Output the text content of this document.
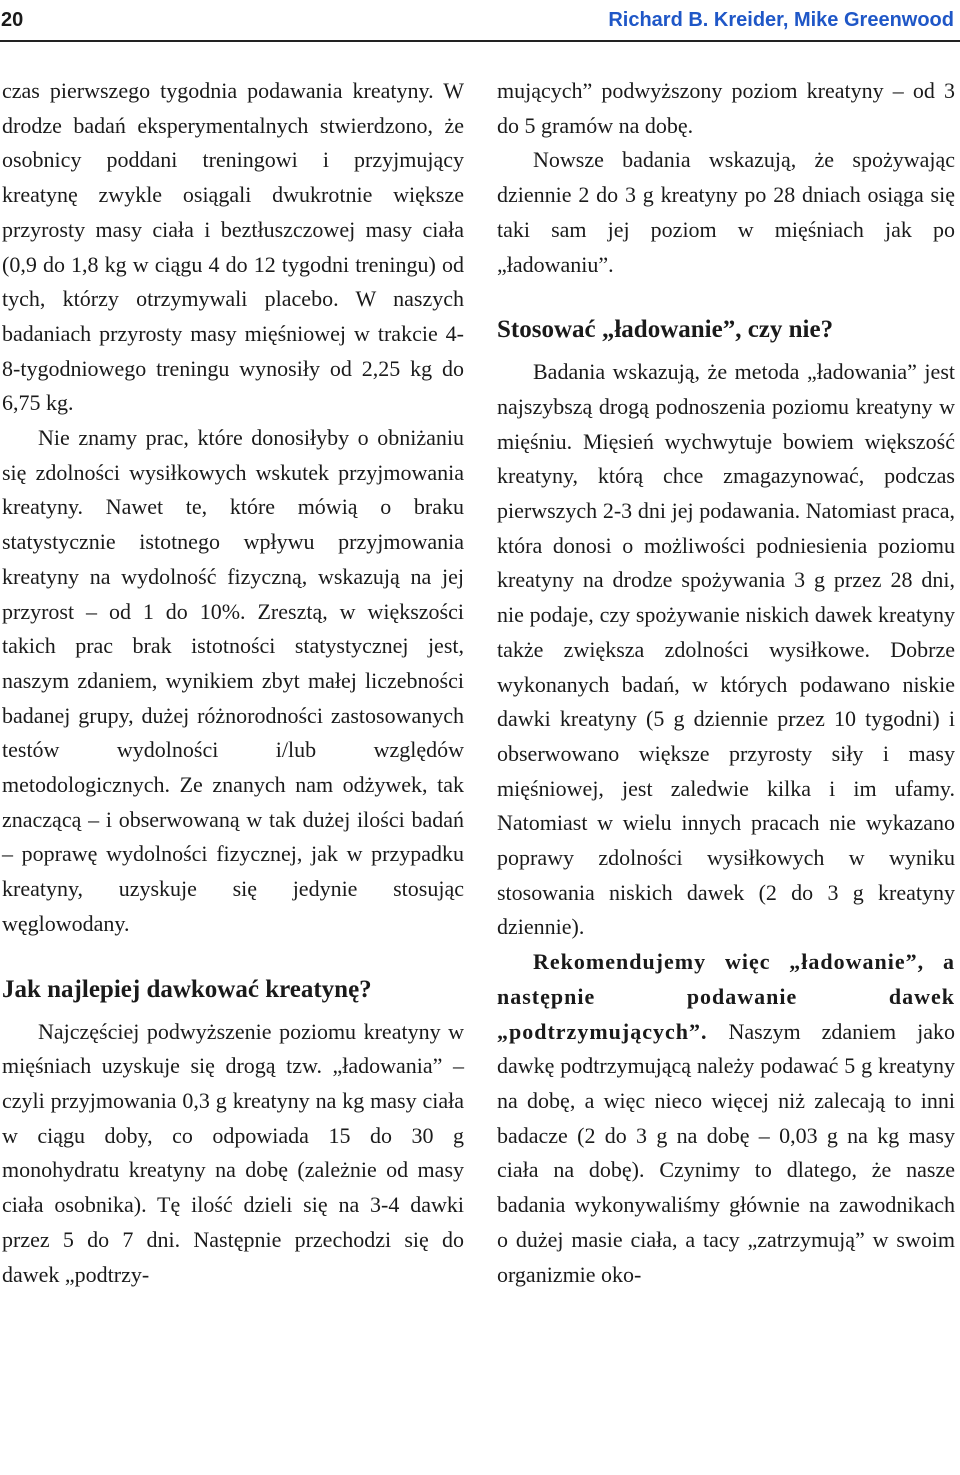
20	Richard B. Kreider, Mike Greenwood

czas pierwszego tygodnia podawania kreatyny. W drodze badań eksperymentalnych stwierdzono, że osobnicy poddani treningowi i przyjmujący kreatynę zwykle osiągali dwukrotnie większe przyrosty masy ciała i beztłuszczowej masy ciała (0,9 do 1,8 kg w ciągu 4 do 12 tygodni treningu) od tych, którzy otrzymywali placebo. W naszych badaniach przyrosty masy mięśniowej w trakcie 4-8-tygodniowego treningu wynosiły od 2,25 kg do 6,75 kg.

Nie znamy prac, które donosiłyby o obniżaniu się zdolności wysiłkowych wskutek przyjmowania kreatyny. Nawet te, które mówią o braku statystycznie istotnego wpływu przyjmowania kreatyny na wydolność fizyczną, wskazują na jej przyrost – od 1 do 10%. Zresztą, w większości takich prac brak istotności statystycznej jest, naszym zdaniem, wynikiem zbyt małej liczebności badanej grupy, dużej różnorodności zastosowanych testów wydolności i/lub względów metodologicznych. Ze znanych nam odżywek, tak znaczącą – i obserwowaną w tak dużej ilości badań – poprawę wydolności fizycznej, jak w przypadku kreatyny, uzyskuje się jedynie stosując węglowodany.

Jak najlepiej dawkować kreatynę?

Najczęściej podwyższenie poziomu kreatyny w mięśniach uzyskuje się drogą tzw. „ładowania” – czyli przyjmowania 0,3 g kreatyny na kg masy ciała w ciągu doby, co odpowiada 15 do 30 g monohydratu kreatyny na dobę (zależnie od masy ciała osobnika). Tę ilość dzieli się na 3-4 dawki przez 5 do 7 dni. Następnie przechodzi się do dawek „podtrzy-

mujących” podwyższony poziom kreatyny – od 3 do 5 gramów na dobę.

Nowsze badania wskazują, że spożywając dziennie 2 do 3 g kreatyny po 28 dniach osiąga się taki sam jej poziom w mięśniach jak po „ładowaniu”.

Stosować „ładowanie”, czy nie?

Badania wskazują, że metoda „ładowania” jest najszybszą drogą podnoszenia poziomu kreatyny w mięśniu. Mięsień wychwytuje bowiem większość kreatyny, którą chce zmagazynować, podczas pierwszych 2-3 dni jej podawania. Natomiast praca, która donosi o możliwości podniesienia poziomu kreatyny na drodze spożywania 3 g przez 28 dni, nie podaje, czy spożywanie niskich dawek kreatyny także zwiększa zdolności wysiłkowe. Dobrze wykonanych badań, w których podawano niskie dawki kreatyny (5 g dziennie przez 10 tygodni) i obserwowano większe przyrosty siły i masy mięśniowej, jest zaledwie kilka i im ufamy. Natomiast w wielu innych pracach nie wykazano poprawy zdolności wysiłkowych w wyniku stosowania niskich dawek (2 do 3 g kreatyny dziennie).

Rekomendujemy więc „ładowanie”, a następnie podawanie dawek „podtrzymujących”. Naszym zdaniem jako dawkę podtrzymującą należy podawać 5 g kreatyny na dobę, a więc nieco więcej niż zalecają to inni badacze (2 do 3 g na dobę – 0,03 g na kg masy ciała na dobę). Czynimy to dlatego, że nasze badania wykonywaliśmy głównie na zawodnikach o dużej masie ciała, a tacy „zatrzymują” w swoim organizmie oko-
